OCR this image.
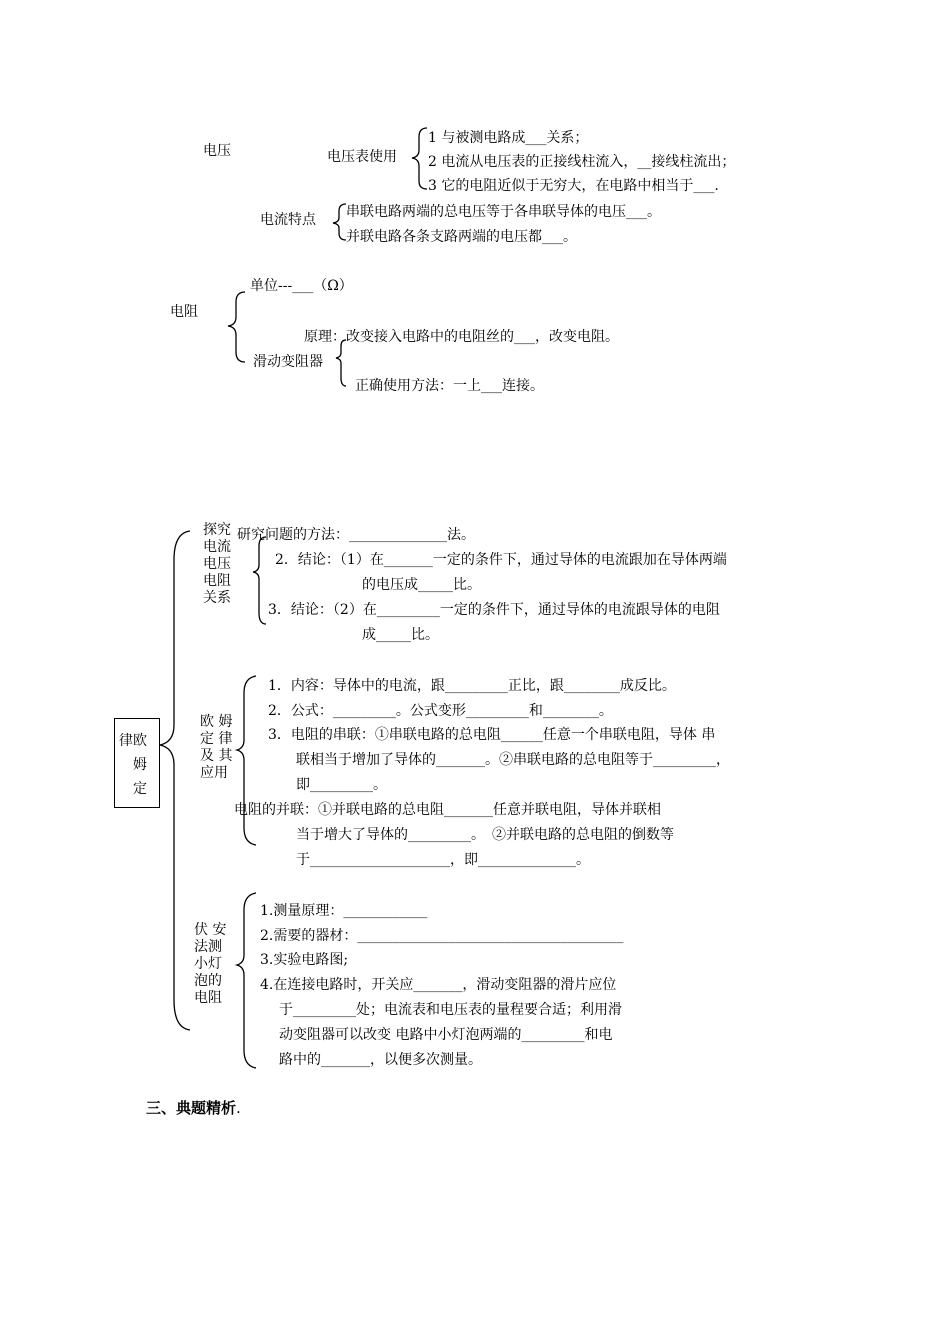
电压	电压表使用
1 与被测电路成___关系；
2 电流从电压表的正接线柱流入，__接线柱流出；
3 它的电阻近似于无穷大，在电路中相当于___.
电流特点 串联电路两端的总电压等于各串联导体的电压___。
并联电路各条支路两端的电压都___。
电阻
单位---___（Ω）
原理：改变接入电路中的电阻丝的___，改变电阻。
滑动变阻器
正确使用方法：一上___连接。
律欧
姆
定
探究
电流
电压
电阻
关系
研究问题的方法：______________法。
2．结论：（1）在_______一定的条件下，通过导体的电流跟加在导体两端
的电压成_____比。
3．结论：（2）在_________一定的条件下，通过导体的电流跟导体的电阻
成_____比。
欧 姆
定 律
及 其
应用
1．内容：导体中的电流，跟_________正比，跟________成反比。
2．公式：_________。公式变形_________和________。
3．电阻的串联：①串联电路的总电阻______任意一个串联电阻，导体 串
联相当于增加了导体的_______。②串联电路的总电阻等于_________，
即_________。
电阻的并联：①并联电路的总电阻_______任意并联电阻，导体并联相
当于增大了导体的_________。　②并联电路的总电阻的倒数等
于____________________，即______________。
伏 安
法测
小灯
泡的
电阻
1.测量原理：____________
2.需要的器材：______________________________________
3.实验电路图;
4.在连接电路时，开关应_______，滑动变阻器的滑片应位
于_________处；电流表和电压表的量程要合适；利用滑
动变阻器可以改变 电路中小灯泡两端的_________和电
路中的_______，以便多次测量。
三、典题精析.
